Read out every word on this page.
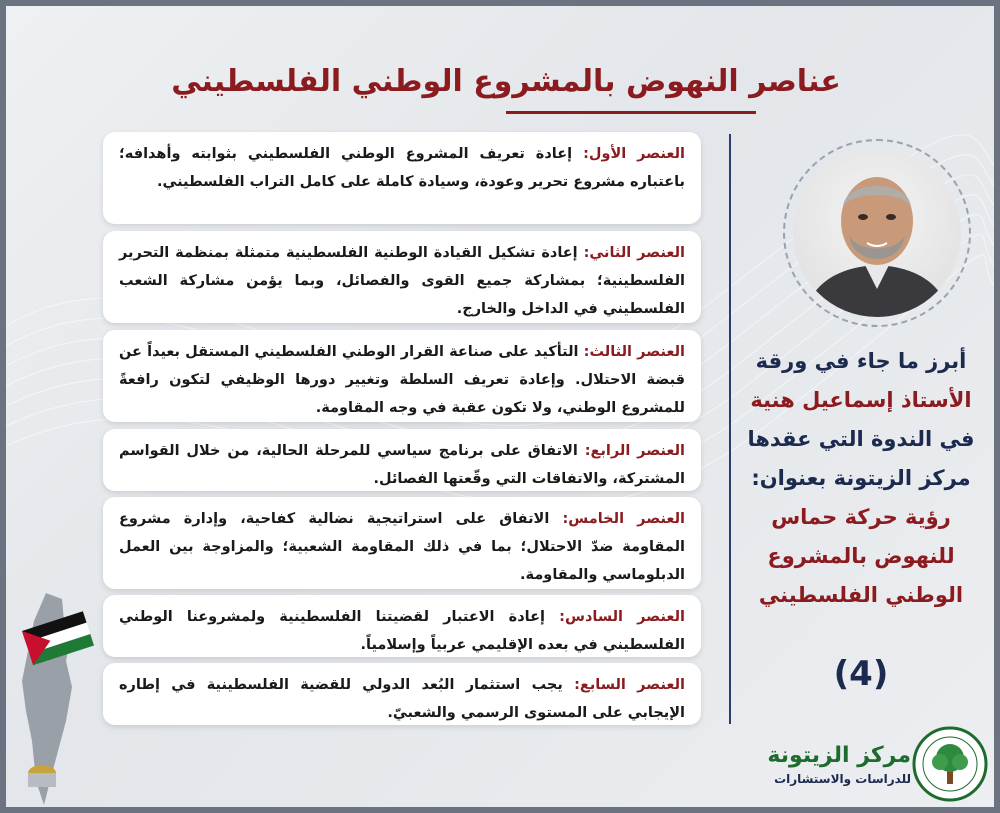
عناصر النهوض بالمشروع الوطني الفلسطيني
العنصر الأول: إعادة تعريف المشروع الوطني الفلسطيني بثوابته وأهدافه؛ باعتباره مشروع تحرير وعودة، وسيادة كاملة على كامل التراب الفلسطيني.
العنصر الثاني: إعادة تشكيل القيادة الوطنية الفلسطينية متمثلة بمنظمة التحرير الفلسطينية؛ بمشاركة جميع القوى والفصائل، وبما يؤمن مشاركة الشعب الفلسطيني في الداخل والخارج.
العنصر الثالث: التأكيد على صناعة القرار الوطني الفلسطيني المستقل بعيداً عن قبضة الاحتلال. وإعادة تعريف السلطة وتغيير دورها الوظيفي لتكون رافعةً للمشروع الوطني، ولا تكون عقبة في وجه المقاومة.
العنصر الرابع: الاتفاق على برنامج سياسي للمرحلة الحالية، من خلال القواسم المشتركة، والاتفاقات التي وقّعتها الفصائل.
العنصر الخامس: الاتفاق على استراتيجية نضالية كفاحية، وإدارة مشروع المقاومة ضدّ الاحتلال؛ بما في ذلك المقاومة الشعبية؛ والمزاوجة بين العمل الدبلوماسي والمقاومة.
العنصر السادس: إعادة الاعتبار لقضيتنا الفلسطينية ولمشروعنا الوطني الفلسطيني في بعده الإقليمي عربياً وإسلامياً.
العنصر السابع: يجب استثمار البُعد الدولي للقضية الفلسطينية في إطاره الإيجابي على المستوى الرسمي والشعبيّ.
أبرز ما جاء في ورقة
الأستاذ إسماعيل هنية
في الندوة التي عقدها
مركز الزيتونة بعنوان:
رؤية حركة حماس
للنهوض بالمشروع
الوطني الفلسطيني
(4)
مركز الزيتونة
للدراسات والاستشارات
